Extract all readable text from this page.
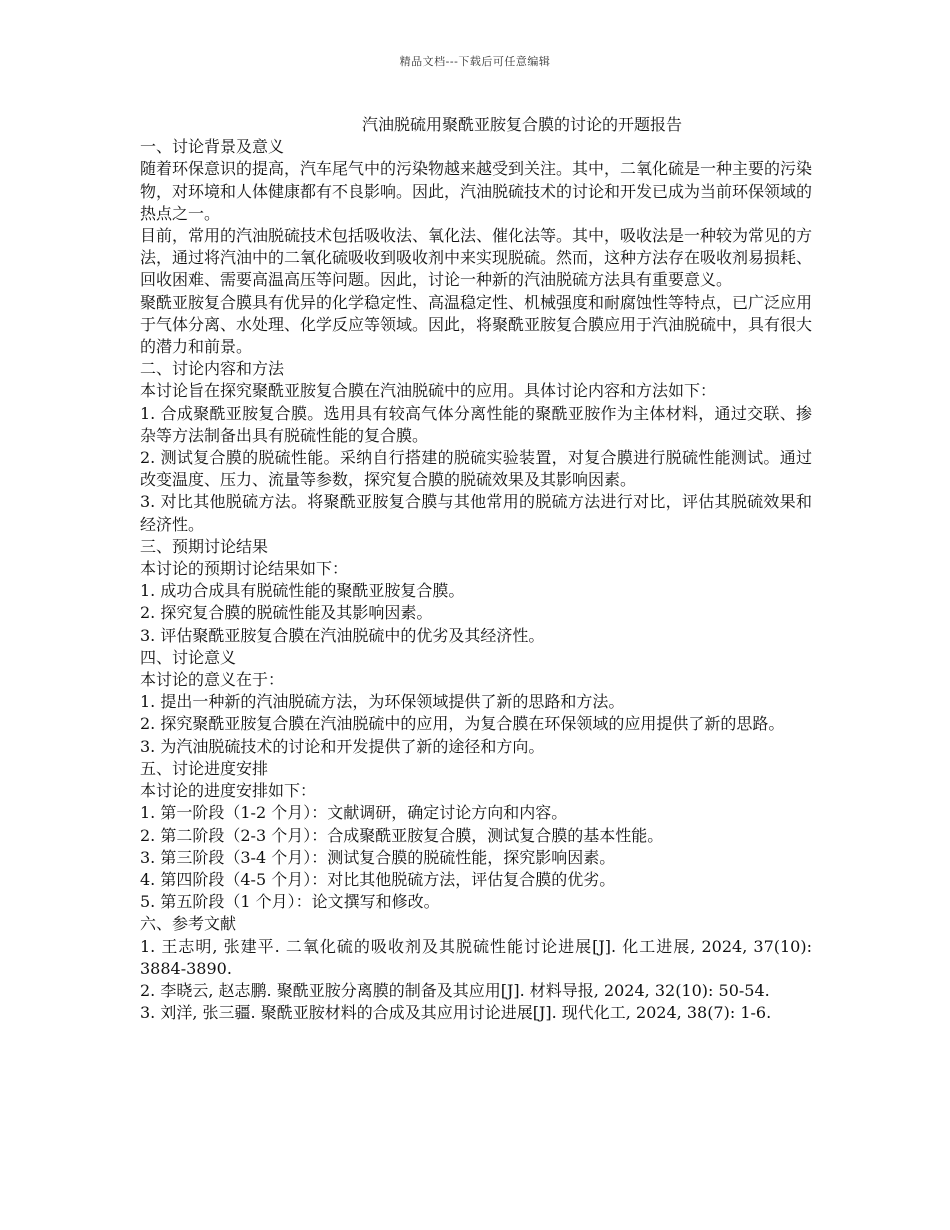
精品文档---下载后可任意编辑
汽油脱硫用聚酰亚胺复合膜的讨论的开题报告
一、讨论背景及意义

随着环保意识的提高，汽车尾气中的污染物越来越受到关注。其中，二氧化硫是一种主要的污染物，对环境和人体健康都有不良影响。因此，汽油脱硫技术的讨论和开发已成为当前环保领域的热点之一。

目前，常用的汽油脱硫技术包括吸收法、氧化法、催化法等。其中，吸收法是一种较为常见的方法，通过将汽油中的二氧化硫吸收到吸收剂中来实现脱硫。然而，这种方法存在吸收剂易损耗、回收困难、需要高温高压等问题。因此，讨论一种新的汽油脱硫方法具有重要意义。

聚酰亚胺复合膜具有优异的化学稳定性、高温稳定性、机械强度和耐腐蚀性等特点，已广泛应用于气体分离、水处理、化学反应等领域。因此，将聚酰亚胺复合膜应用于汽油脱硫中，具有很大的潜力和前景。

二、讨论内容和方法

本讨论旨在探究聚酰亚胺复合膜在汽油脱硫中的应用。具体讨论内容和方法如下：

1. 合成聚酰亚胺复合膜。选用具有较高气体分离性能的聚酰亚胺作为主体材料，通过交联、掺杂等方法制备出具有脱硫性能的复合膜。

2. 测试复合膜的脱硫性能。采纳自行搭建的脱硫实验装置，对复合膜进行脱硫性能测试。通过改变温度、压力、流量等参数，探究复合膜的脱硫效果及其影响因素。

3. 对比其他脱硫方法。将聚酰亚胺复合膜与其他常用的脱硫方法进行对比，评估其脱硫效果和经济性。

三、预期讨论结果

本讨论的预期讨论结果如下：

1. 成功合成具有脱硫性能的聚酰亚胺复合膜。

2. 探究复合膜的脱硫性能及其影响因素。

3. 评估聚酰亚胺复合膜在汽油脱硫中的优劣及其经济性。

四、讨论意义

本讨论的意义在于：

1. 提出一种新的汽油脱硫方法，为环保领域提供了新的思路和方法。

2. 探究聚酰亚胺复合膜在汽油脱硫中的应用，为复合膜在环保领域的应用提供了新的思路。

3. 为汽油脱硫技术的讨论和开发提供了新的途径和方向。

五、讨论进度安排

本讨论的进度安排如下：

1. 第一阶段（1-2 个月）：文献调研，确定讨论方向和内容。

2. 第二阶段（2-3 个月）：合成聚酰亚胺复合膜，测试复合膜的基本性能。

3. 第三阶段（3-4 个月）：测试复合膜的脱硫性能，探究影响因素。

4. 第四阶段（4-5 个月）：对比其他脱硫方法，评估复合膜的优劣。

5. 第五阶段（1 个月）：论文撰写和修改。

六、参考文献

1. 王志明, 张建平. 二氧化硫的吸收剂及其脱硫性能讨论进展[J]. 化工进展, 2024, 37(10): 3884-3890.

2. 李晓云, 赵志鹏. 聚酰亚胺分离膜的制备及其应用[J]. 材料导报, 2024, 32(10): 50-54.

3. 刘洋, 张三疆. 聚酰亚胺材料的合成及其应用讨论进展[J]. 现代化工, 2024, 38(7): 1-6.
